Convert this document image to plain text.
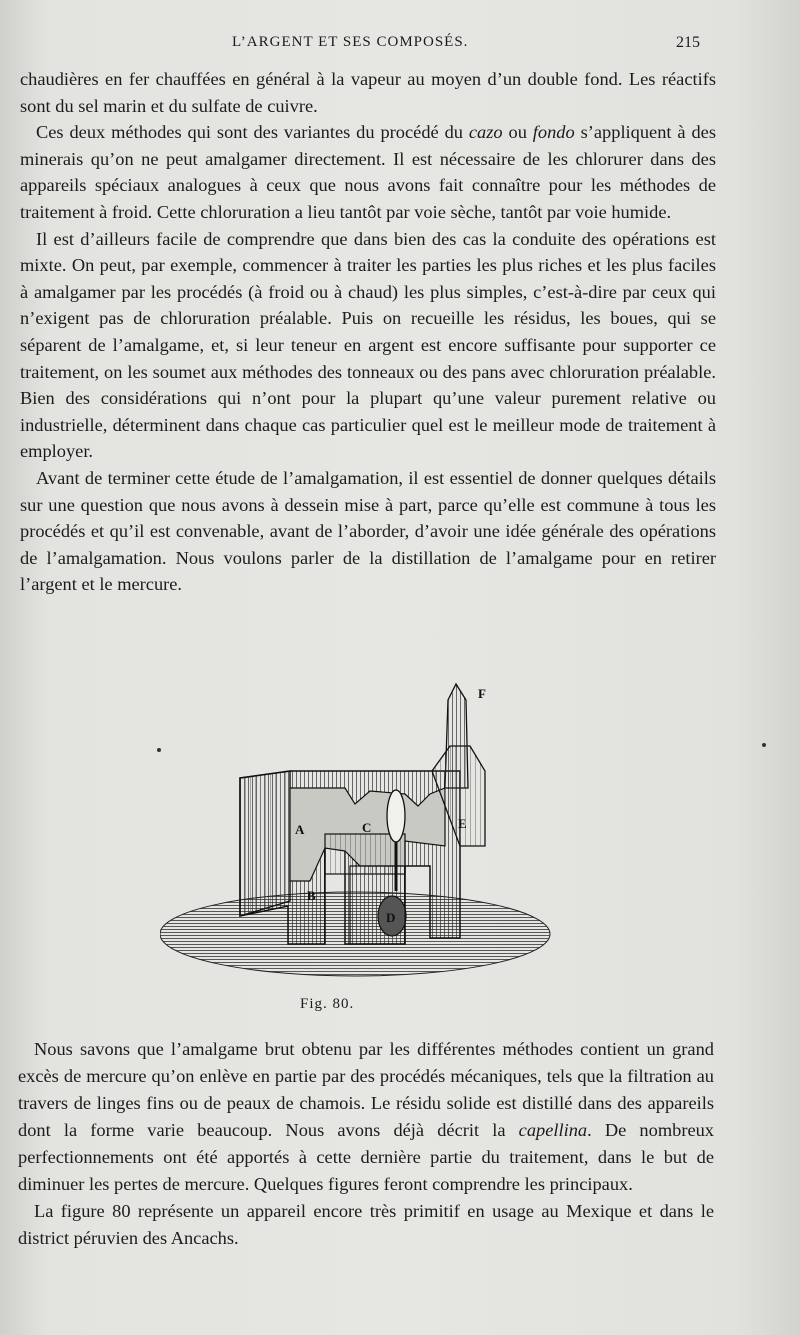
L’ARGENT ET SES COMPOSÉS.	215

chaudières en fer chauffées en général à la vapeur au moyen d’un double fond. Les réactifs sont du sel marin et du sulfate de cuivre.

Ces deux méthodes qui sont des variantes du procédé du cazo ou fondo s’appliquent à des minerais qu’on ne peut amalgamer directement. Il est nécessaire de les chlorurer dans des appareils spéciaux analogues à ceux que nous avons fait connaître pour les méthodes de traitement à froid. Cette chloruration a lieu tantôt par voie sèche, tantôt par voie humide.

Il est d’ailleurs facile de comprendre que dans bien des cas la conduite des opérations est mixte. On peut, par exemple, commencer à traiter les parties les plus riches et les plus faciles à amalgamer par les procédés (à froid ou à chaud) les plus simples, c’est-à-dire par ceux qui n’exigent pas de chloruration préalable. Puis on recueille les résidus, les boues, qui se séparent de l’amalgame, et, si leur teneur en argent est encore suffisante pour supporter ce traitement, on les soumet aux méthodes des tonneaux ou des pans avec chloruration préalable. Bien des considérations qui n’ont pour la plupart qu’une valeur purement relative ou industrielle, déterminent dans chaque cas particulier quel est le meilleur mode de traitement à employer.

Avant de terminer cette étude de l’amalgamation, il est essentiel de donner quelques détails sur une question que nous avons à dessein mise à part, parce qu’elle est commune à tous les procédés et qu’il est convenable, avant de l’aborder, d’avoir une idée générale des opérations de l’amalgamation. Nous voulons parler de la distillation de l’amalgame pour en retirer l’argent et le mercure.

F
A	C	E
B
D
Fig. 80.

Nous savons que l’amalgame brut obtenu par les différentes méthodes contient un grand excès de mercure qu’on enlève en partie par des procédés mécaniques, tels que la filtration au travers de linges fins ou de peaux de chamois. Le résidu solide est distillé dans des appareils dont la forme varie beaucoup. Nous avons déjà décrit la capellina. De nombreux perfectionnements ont été apportés à cette dernière partie du traitement, dans le but de diminuer les pertes de mercure. Quelques figures feront comprendre les principaux.

La figure 80 représente un appareil encore très primitif en usage au Mexique et dans le district péruvien des Ancachs.
